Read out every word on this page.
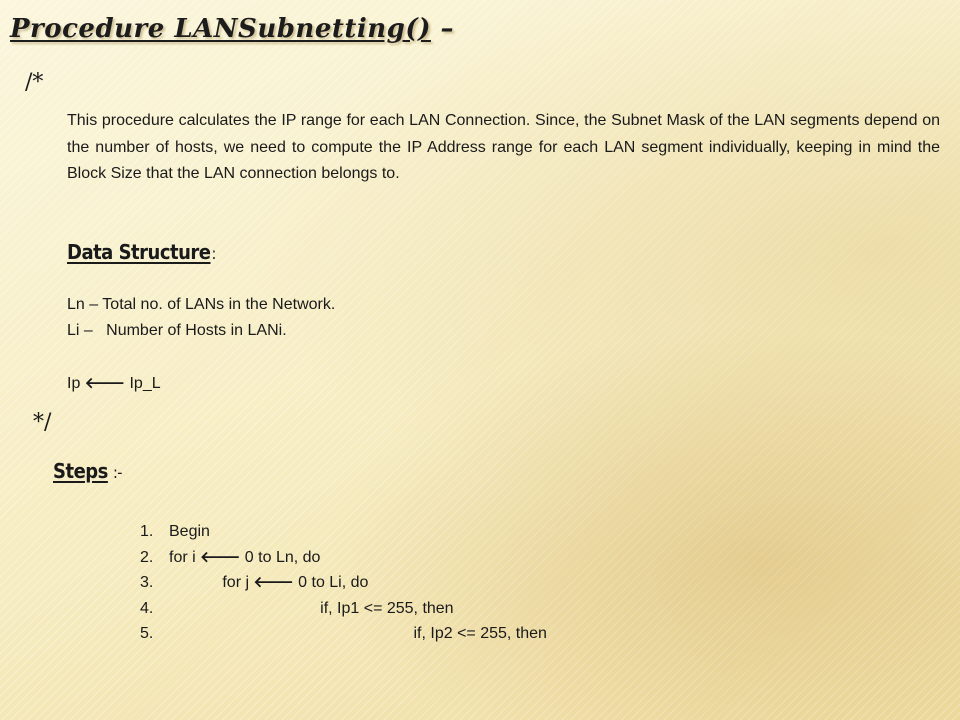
Procedure LANSubnetting() –
/*

This procedure calculates the IP range for each LAN Connection. Since, the Subnet Mask of the LAN segments depend on the number of hosts, we need to compute the IP Address range for each LAN segment individually, keeping in mind the Block Size that the LAN connection belongs to.

Data Structure:
Ln – Total no. of LANs in the Network.
Li –   Number of Hosts in LANi.
Ip 🡐 Ip_L
*/
Steps :-
1. Begin
2. for i 🡐 0 to Ln, do
3.            for j 🡐 0 to Li, do
4.                                  if, Ip1 <= 255, then
5.                                                       if, Ip2 <= 255, then
